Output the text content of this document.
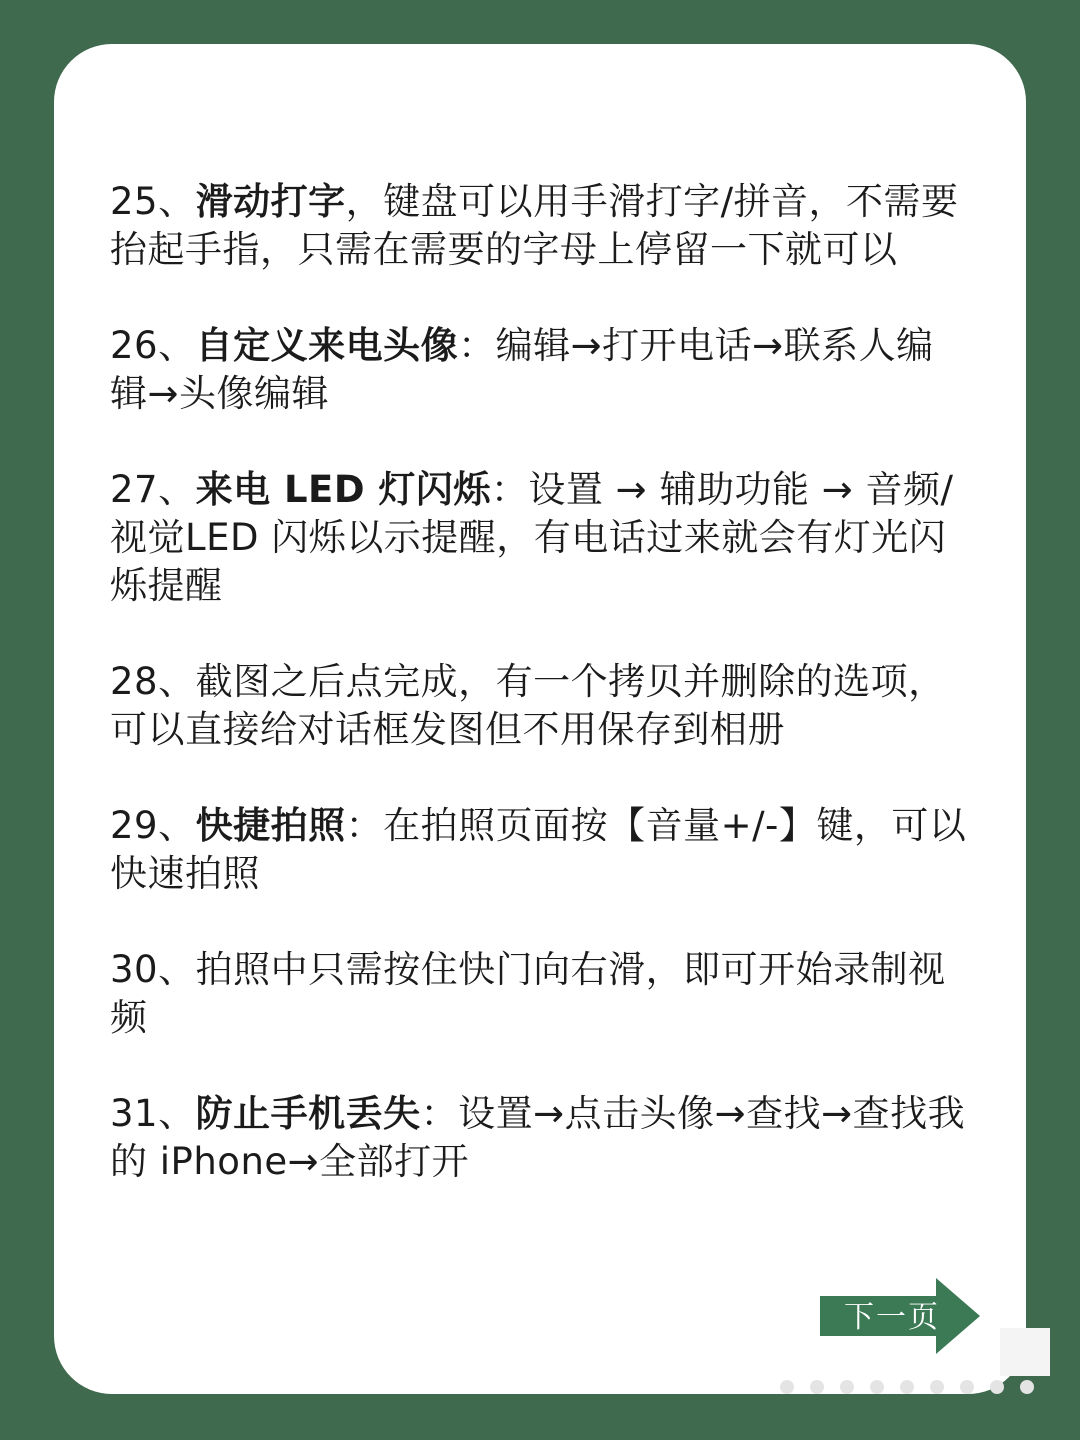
25、滑动打字，键盘可以用手滑打字/拼音，不需要抬起手指，只需在需要的字母上停留一下就可以
26、自定义来电头像：编辑→打开电话→联系人编辑→头像编辑
27、来电 LED 灯闪烁：设置 → 辅助功能 → 音频/视觉LED 闪烁以示提醒，有电话过来就会有灯光闪烁提醒
28、截图之后点完成，有一个拷贝并删除的选项，可以直接给对话框发图但不用保存到相册
29、快捷拍照：在拍照页面按【音量+/-】键，可以快速拍照
30、拍照中只需按住快门向右滑，即可开始录制视频
31、防止手机丢失：设置→点击头像→查找→查找我的 iPhone→全部打开
下一页
